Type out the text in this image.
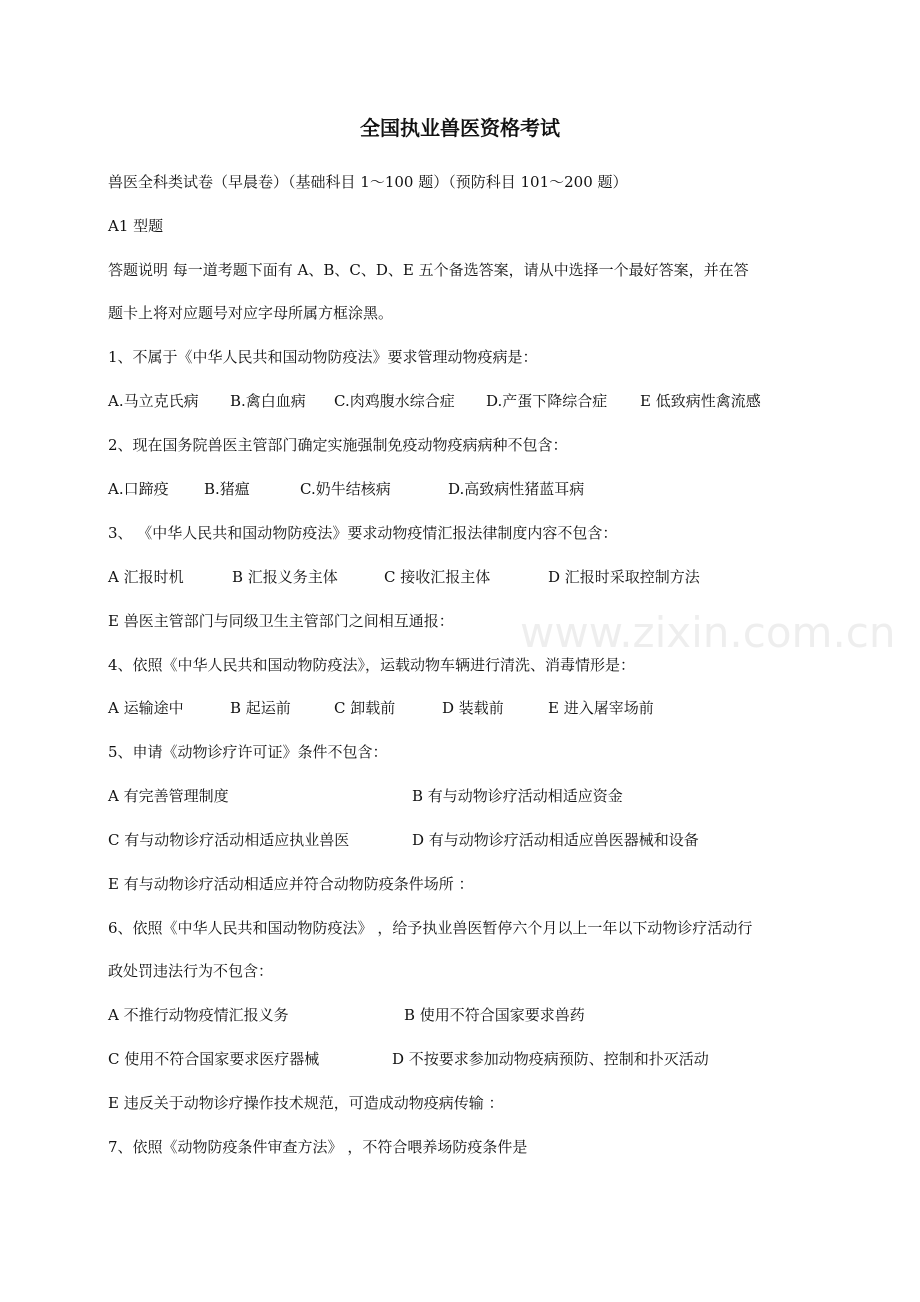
全国执业兽医资格考试
兽医全科类试卷（早晨卷）（基础科目 1～100 题）（预防科目 101～200 题）
A1 型题
答题说明 每一道考题下面有 A、B、C、D、E 五个备选答案，请从中选择一个最好答案，并在答
题卡上将对应题号对应字母所属方框涂黑。
1、不属于《中华人民共和国动物防疫法》要求管理动物疫病是：
A.马立克氏病 B.禽白血病 C.肉鸡腹水综合症 D.产蛋下降综合症 E 低致病性禽流感
2、现在国务院兽医主管部门确定实施强制免疫动物疫病病种不包含：
A.口蹄疫 B.猪瘟	C.奶牛结核病	D.高致病性猪蓝耳病
3、 《中华人民共和国动物防疫法》要求动物疫情汇报法律制度内容不包含：
A 汇报时机	B 汇报义务主体	C 接收汇报主体	D 汇报时采取控制方法
E 兽医主管部门与同级卫生主管部门之间相互通报：
4、依照《中华人民共和国动物防疫法》，运载动物车辆进行清洗、消毒情形是：
A 运输途中	B 起运前	C 卸载前	D 装载前	E 进入屠宰场前
5、申请《动物诊疗许可证》条件不包含：
A 有完善管理制度	B 有与动物诊疗活动相适应资金
C 有与动物诊疗活动相适应执业兽医	D 有与动物诊疗活动相适应兽医器械和设备
E 有与动物诊疗活动相适应并符合动物防疫条件场所 ：
6、依照《中华人民共和国动物防疫法》 ，给予执业兽医暂停六个月以上一年以下动物诊疗活动行
政处罚违法行为不包含：
A 不推行动物疫情汇报义务	B 使用不符合国家要求兽药
C 使用不符合国家要求医疗器械	D 不按要求参加动物疫病预防、控制和扑灭活动
E 违反关于动物诊疗操作技术规范，可造成动物疫病传输 ：
7、依照《动物防疫条件审查方法》 ，不符合喂养场防疫条件是
www.zixin.com.cn
